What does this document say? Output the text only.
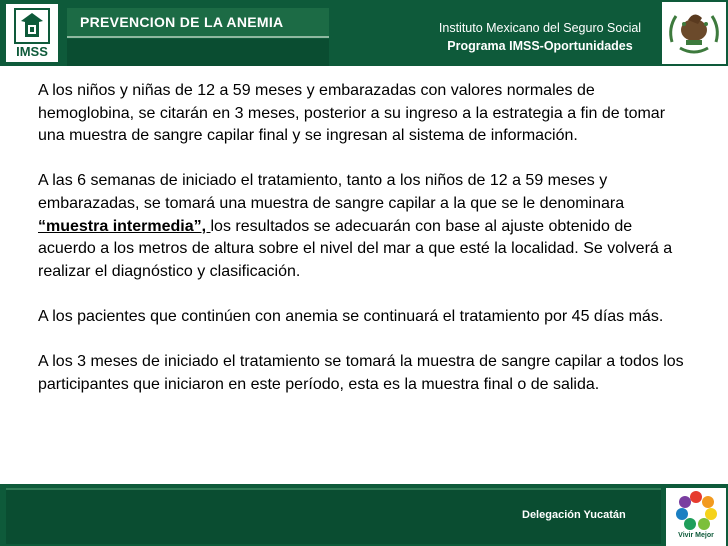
IMSS
PREVENCION DE LA ANEMIA	Instituto Mexicano del Seguro Social
Programa IMSS-Oportunidades

A los niños y niñas de 12 a 59 meses y embarazadas con valores normales de hemoglobina, se citarán en 3 meses, posterior a su ingreso a la estrategia a fin de tomar una muestra de sangre capilar final y se ingresan al sistema de información.

A las 6 semanas de iniciado el tratamiento, tanto a los niños de 12 a 59 meses y embarazadas, se tomará una muestra de sangre capilar a la que se le denominara “muestra intermedia”, los resultados se adecuarán con base al ajuste obtenido de acuerdo a los metros de altura sobre el nivel del mar a que esté la localidad. Se volverá a realizar el diagnóstico y clasificación.

A los pacientes que continúen con anemia se continuará el tratamiento por 45 días más.

A los 3 meses de iniciado el tratamiento se tomará la muestra de sangre capilar a todos los participantes que iniciaron en este período, esta es la muestra final o de salida.

Delegación Yucatán
Vivir Mejor
